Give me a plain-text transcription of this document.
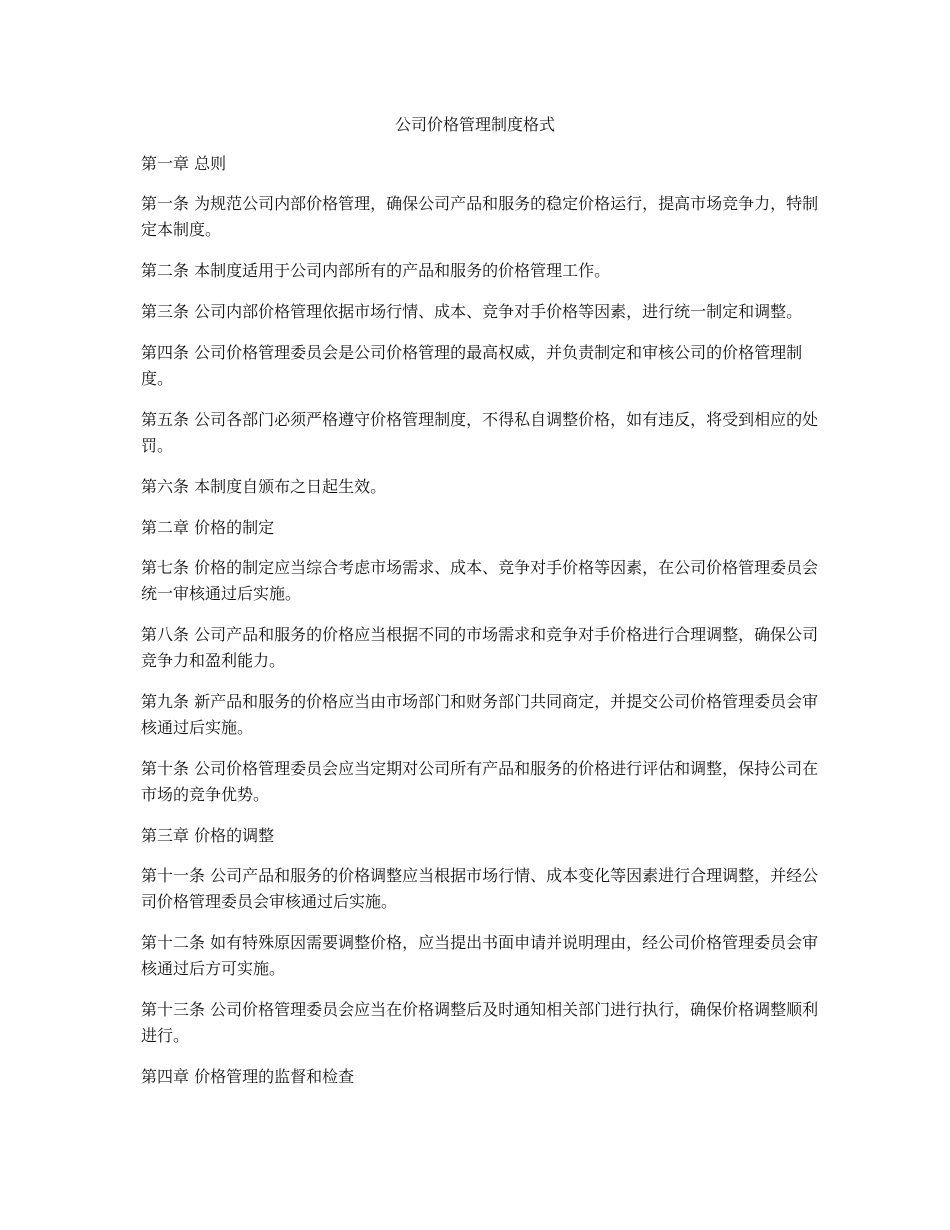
公司价格管理制度格式

第一章 总则

第一条 为规范公司内部价格管理，确保公司产品和服务的稳定价格运行，提高市场竞争力，特制定本制度。

第二条 本制度适用于公司内部所有的产品和服务的价格管理工作。

第三条 公司内部价格管理依据市场行情、成本、竞争对手价格等因素，进行统一制定和调整。

第四条 公司价格管理委员会是公司价格管理的最高权威，并负责制定和审核公司的价格管理制度。

第五条 公司各部门必须严格遵守价格管理制度，不得私自调整价格，如有违反，将受到相应的处罚。

第六条 本制度自颁布之日起生效。

第二章 价格的制定

第七条 价格的制定应当综合考虑市场需求、成本、竞争对手价格等因素，在公司价格管理委员会统一审核通过后实施。

第八条 公司产品和服务的价格应当根据不同的市场需求和竞争对手价格进行合理调整，确保公司竞争力和盈利能力。

第九条 新产品和服务的价格应当由市场部门和财务部门共同商定，并提交公司价格管理委员会审核通过后实施。

第十条 公司价格管理委员会应当定期对公司所有产品和服务的价格进行评估和调整，保持公司在市场的竞争优势。

第三章 价格的调整

第十一条 公司产品和服务的价格调整应当根据市场行情、成本变化等因素进行合理调整，并经公司价格管理委员会审核通过后实施。

第十二条 如有特殊原因需要调整价格，应当提出书面申请并说明理由，经公司价格管理委员会审核通过后方可实施。

第十三条 公司价格管理委员会应当在价格调整后及时通知相关部门进行执行，确保价格调整顺利进行。

第四章 价格管理的监督和检查
